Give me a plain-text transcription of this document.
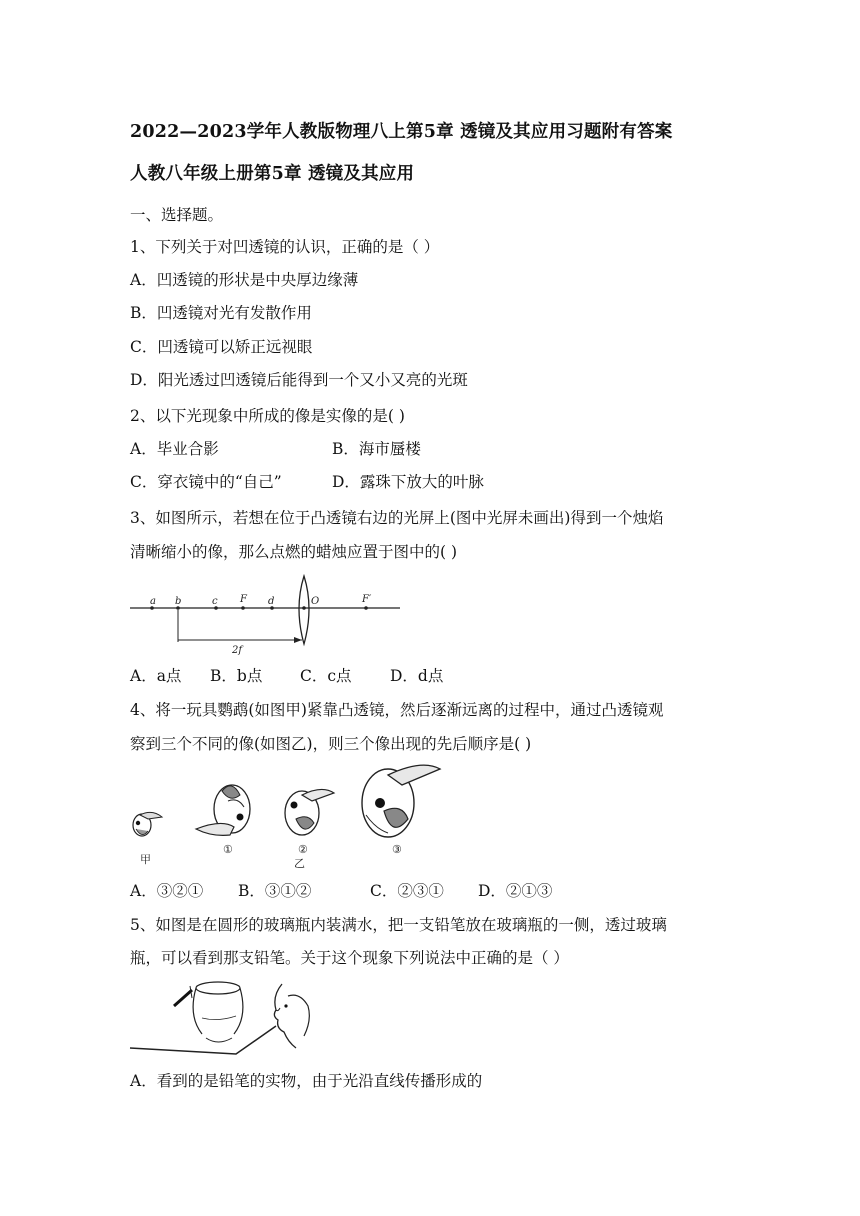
2022—2023学年人教版物理八上第5章 透镜及其应用习题附有答案
人教八年级上册第5章 透镜及其应用
一、选择题。
1、下列关于对凹透镜的认识，正确的是（ ）
A．凹透镜的形状是中央厚边缘薄
B．凹透镜对光有发散作用
C．凹透镜可以矫正远视眼
D．阳光透过凹透镜后能得到一个又小又亮的光斑
2、以下光现象中所成的像是实像的是( )
A．毕业合影	B．海市蜃楼
C．穿衣镜中的“自己”	D．露珠下放大的叶脉
3、如图所示，若想在位于凸透镜右边的光屏上(图中光屏未画出)得到一个烛焰
清晰缩小的像，那么点燃的蜡烛应置于图中的( )
a b	c F d	O	F′
2f
A．a点 B．b点 C．c点 D．d点
4、将一玩具鹦鹉(如图甲)紧靠凸透镜，然后逐渐远离的过程中，通过凸透镜观
察到三个不同的像(如图乙)，则三个像出现的先后顺序是( )
甲
①	②
乙
③
A．③②① B．③①②	C．②③① D．②①③
5、如图是在圆形的玻璃瓶内装满水，把一支铅笔放在玻璃瓶的一侧，透过玻璃
瓶，可以看到那支铅笔。关于这个现象下列说法中正确的是（ ）
A．看到的是铅笔的实物，由于光沿直线传播形成的
